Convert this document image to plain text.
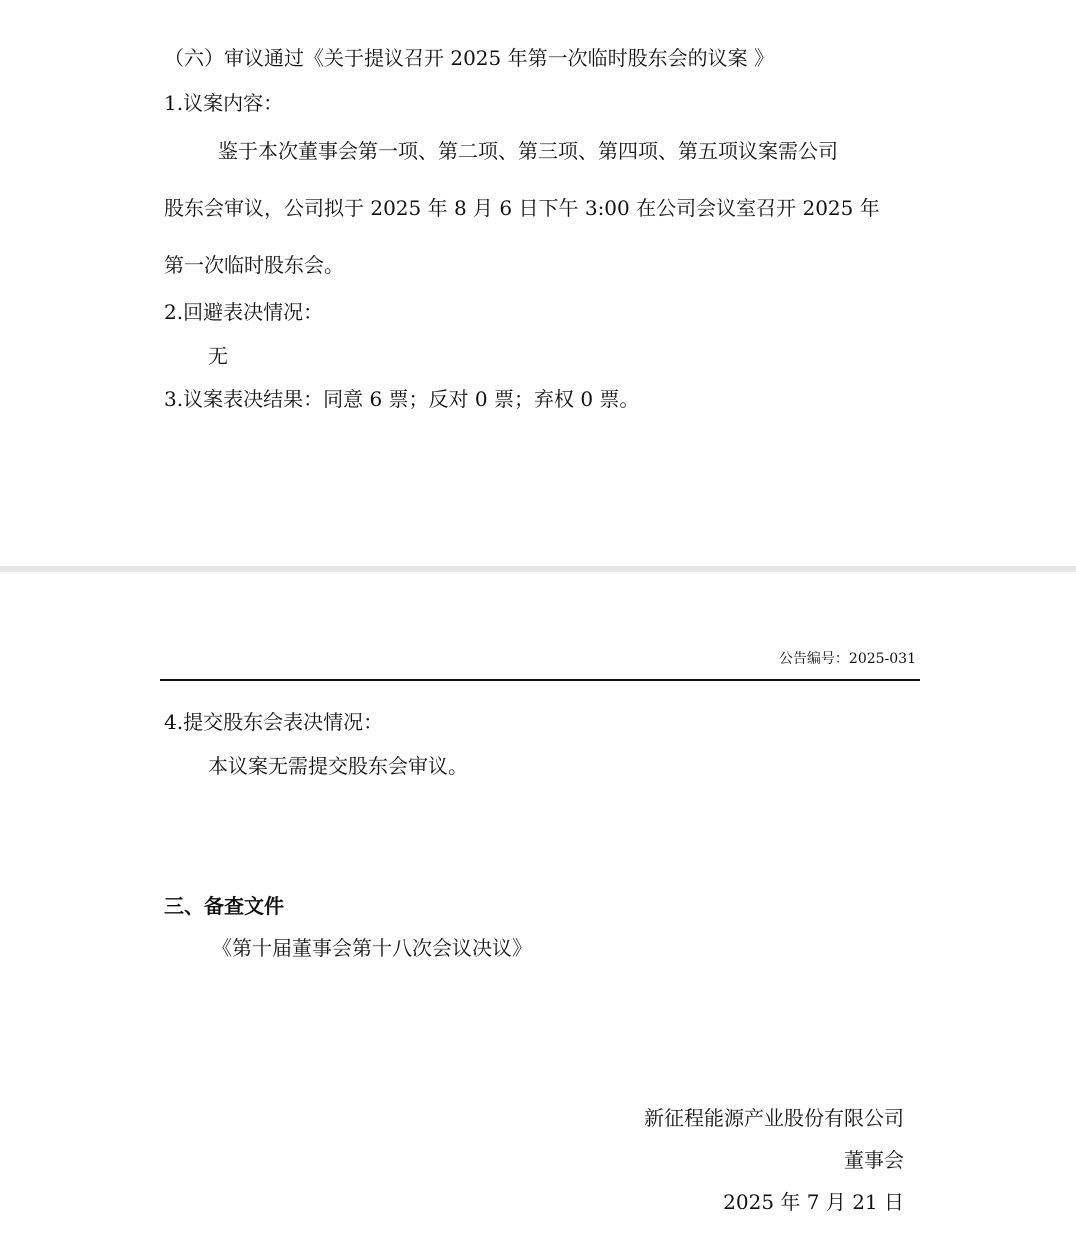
（六）审议通过《关于提议召开 2025 年第一次临时股东会的议案 》
1.议案内容：
鉴于本次董事会第一项、第二项、第三项、第四项、第五项议案需公司
股东会审议，公司拟于 2025 年 8 月 6 日下午 3:00 在公司会议室召开 2025 年
第一次临时股东会。
2.回避表决情况：
无
3.议案表决结果：同意 6 票；反对 0 票；弃权 0 票。
公告编号：2025-031
4.提交股东会表决情况：
本议案无需提交股东会审议。
三、备查文件
《第十届董事会第十八次会议决议》
新征程能源产业股份有限公司
董事会
2025 年 7 月 21 日
